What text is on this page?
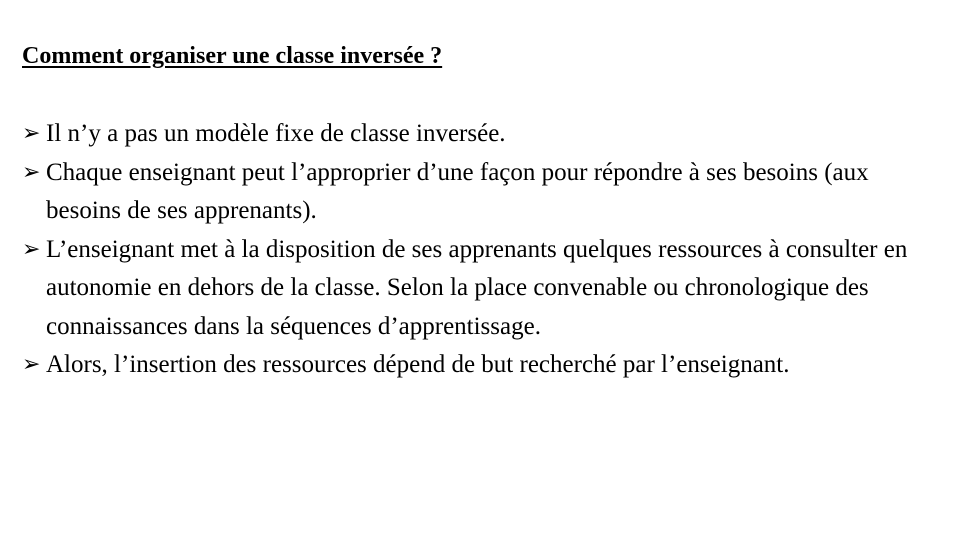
Comment organiser une classe inversée ?
➢ Il n’y a pas un modèle fixe de classe inversée.
➢ Chaque enseignant peut l’approprier d’une façon pour répondre à ses besoins (aux besoins de ses apprenants).
➢ L’enseignant met à la disposition de ses apprenants quelques ressources à consulter en autonomie en dehors de la classe. Selon la place convenable ou chronologique des connaissances dans la séquences d’apprentissage.
➢ Alors, l’insertion des ressources dépend de but recherché par l’enseignant.
